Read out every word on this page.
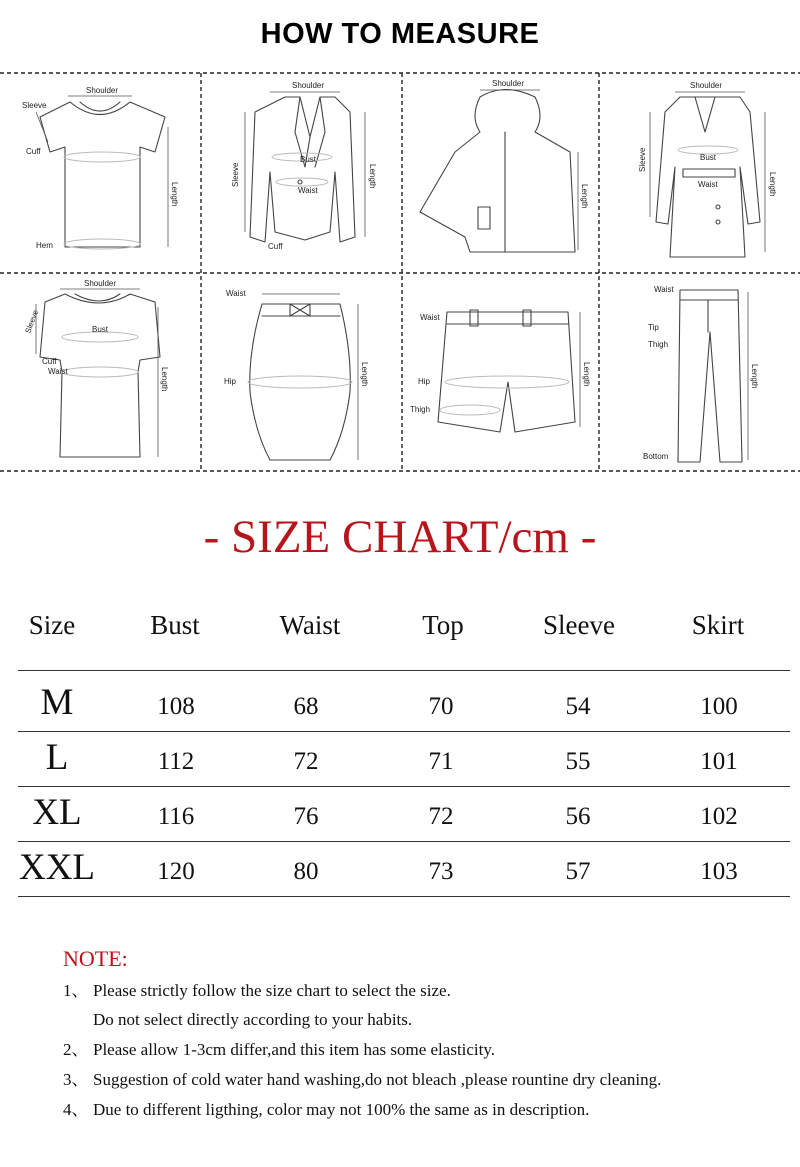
HOW TO MEASURE
Shoulder
Sleeve
Cuff
Length
Hem
Shoulder
Sleeve
Bust
Waist
Length
Cuff
Shoulder
Length
Shoulder
Sleeve	Bust
Waist	Length
Shoulder
Sleeve	Bust
Cuff
Waist	Length
Waist
Hip	Length
Waist
Hip
Thigh
Length
Waist
Tip
Thigh
Length
Bottom
- SIZE CHART/cm -
Size	Bust	Waist	Top	Sleeve	Skirt
M	108	68	70	54	100
L	112	72	71	55	101
XL	116	76	72	56	102
XXL 120	80	73	57	103
NOTE:
1、 Please strictly follow the size chart to select the size.
Do not select directly according to your habits.
2、 Please allow 1-3cm differ,and this item has some elasticity.
3、 Suggestion of cold water hand washing,do not bleach ,please rountine dry cleaning.
4、 Due to different ligthing, color may not 100% the same as in description.
